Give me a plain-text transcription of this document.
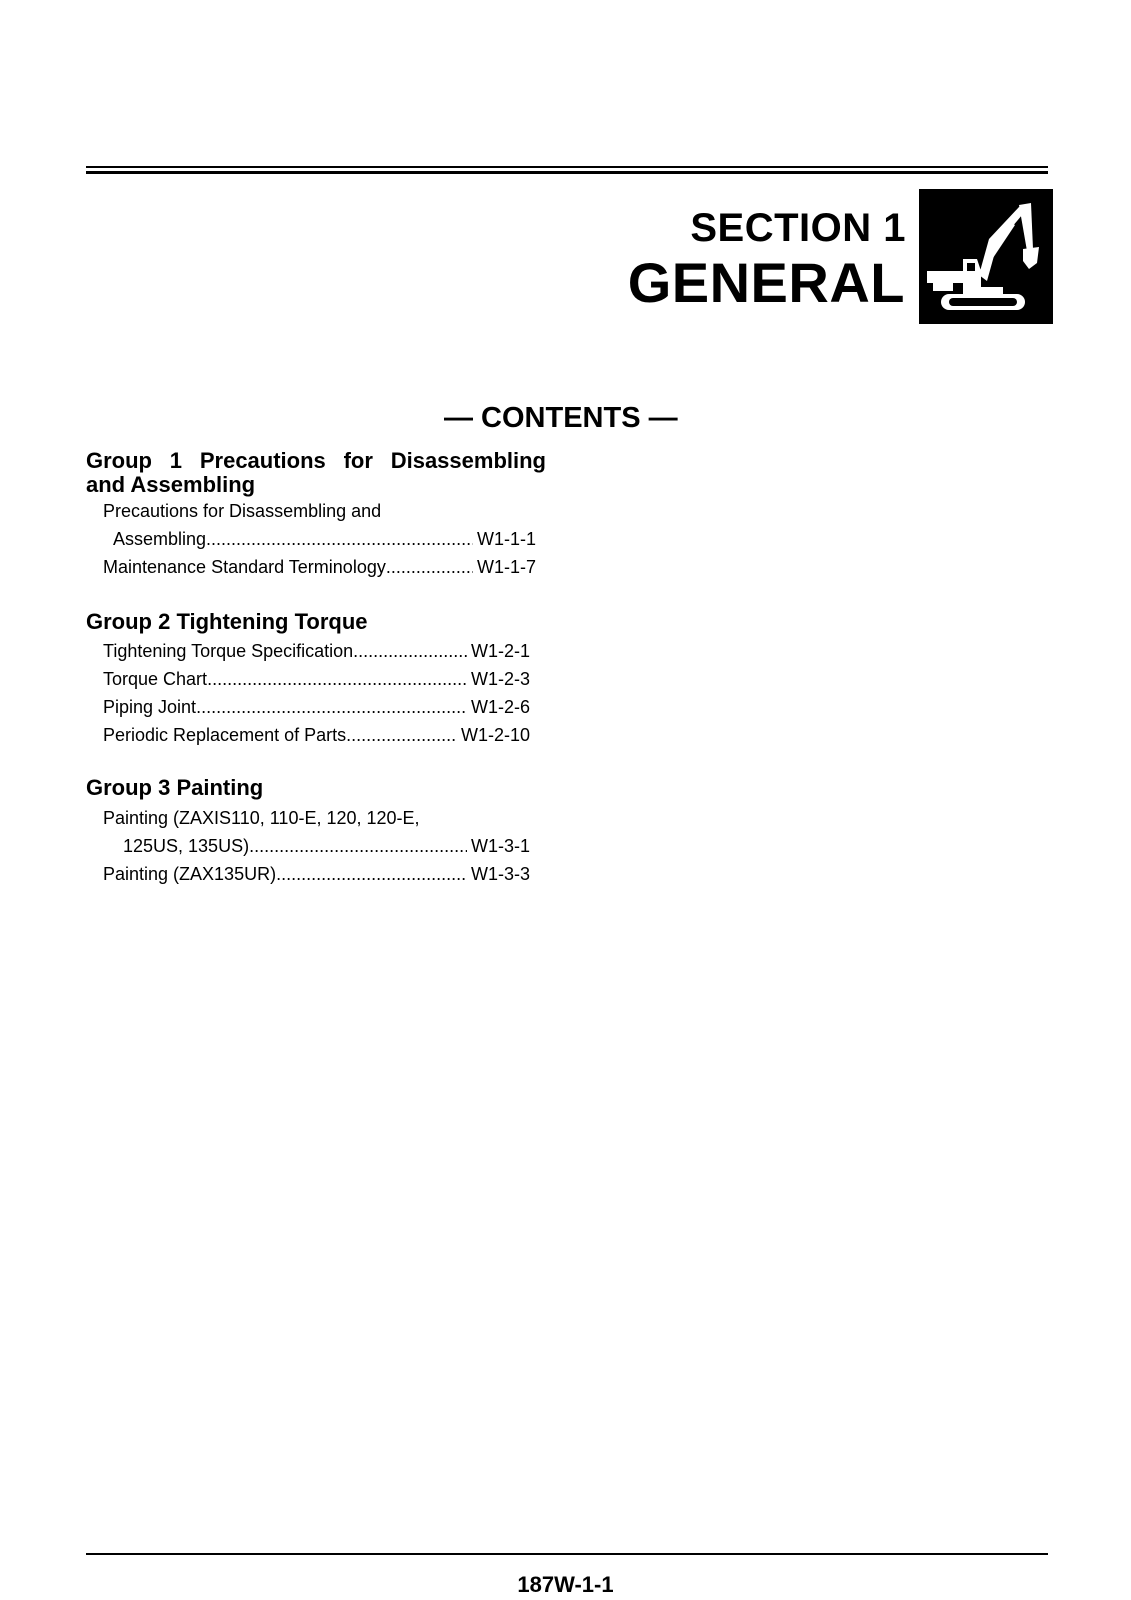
SECTION 1
GENERAL
— CONTENTS —
Group 1 Precautions for Disassembling
and Assembling
Precautions for Disassembling and
Assembling .....	W1-1-1
Maintenance Standard Terminology .....	W1-1-7
Group 2 Tightening Torque
Tightening Torque Specification .....	W1-2-1
Torque Chart .....	W1-2-3
Piping Joint .....	W1-2-6
Periodic Replacement of Parts .....	W1-2-10
Group 3 Painting
Painting (ZAXIS110, 110-E, 120, 120-E,
125US, 135US) .....	W1-3-1
Painting (ZAX135UR) .....	W1-3-3
187W-1-1
